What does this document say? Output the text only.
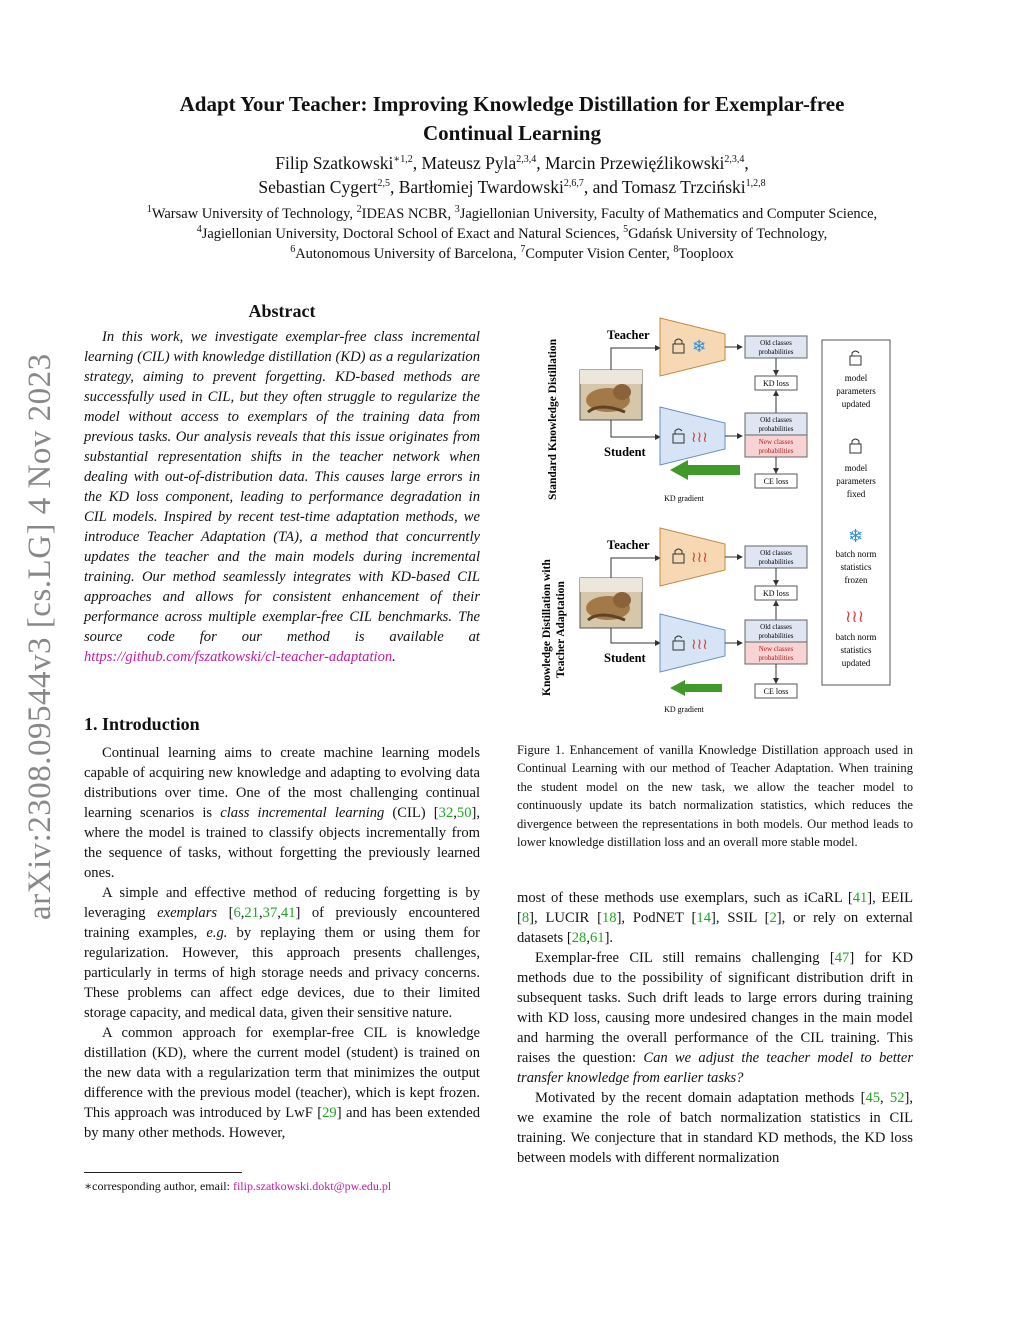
arXiv:2308.09544v3 [cs.LG] 4 Nov 2023
Adapt Your Teacher: Improving Knowledge Distillation for Exemplar-free
Continual Learning
Filip Szatkowski$^{∗1,2}$, Mateusz Pyla$^{2,3,4}$, Marcin Przewięźlikowski$^{2,3,4}$,
Sebastian Cygert$^{2,5}$, Bartłomiej Twardowski$^{2,6,7}$, and Tomasz Trzciński$^{1,2,8}$
$^1$Warsaw University of Technology, $^2$IDEAS NCBR, $^3$Jagiellonian University, Faculty of Mathematics and Computer Science,
$^4$Jagiellonian University, Doctoral School of Exact and Natural Sciences, $^5$Gdańsk University of Technology,
$^6$Autonomous University of Barcelona, $^7$Computer Vision Center, $^8$Tooploox
Abstract

In this work, we investigate exemplar-free class incremental learning (CIL) with knowledge distillation (KD) as a regularization strategy, aiming to prevent forgetting. KD-based methods are successfully used in CIL, but they often struggle to regularize the model without access to exemplars of the training data from previous tasks. Our analysis reveals that this issue originates from substantial representation shifts in the teacher network when dealing with out-of-distribution data. This causes large errors in the KD loss component, leading to performance degradation in CIL models. Inspired by recent test-time adaptation methods, we introduce Teacher Adaptation (TA), a method that concurrently updates the teacher and the main models during incremental training. Our method seamlessly integrates with KD-based CIL approaches and allows for consistent enhancement of their performance across multiple exemplar-free CIL benchmarks. The source code for our method is available at https://github.com/fszatkowski/cl-teacher-adaptation.

1. Introduction

Continual learning aims to create machine learning models capable of acquiring new knowledge and adapting to evolving data distributions over time. One of the most challenging continual learning scenarios is class incremental learning (CIL) [32,50], where the model is trained to classify objects incrementally from the sequence of tasks, without forgetting the previously learned ones.

A simple and effective method of reducing forgetting is by leveraging exemplars [6,21,37,41] of previously encountered training examples, e.g. by replaying them or using them for regularization. However, this approach presents challenges, particularly in terms of high storage needs and privacy concerns. These problems can affect edge devices, due to their limited storage capacity, and medical data, given their sensitive nature.

A common approach for exemplar-free CIL is knowledge distillation (KD), where the current model (student) is trained on the new data with a regularization term that minimizes the output difference with the previous model (teacher), which is kept frozen. This approach was introduced by LwF [29] and has been extended by many other methods. However,

∗corresponding author, email: filip.szatkowski.dokt@pw.edu.pl
Standard Knowledge Distillation
Teacher
Student
❄
≀≀≀
Old classes
probabilities
KD loss
Old classes
probabilities
New classes
probabilities
CE loss
KD gradient
Knowledge Distillation with Teacher Adaptation
Teacher
Student
≀≀≀
≀≀≀
Old classes
probabilities
KD loss
Old classes
probabilities
New classes
probabilities
CE loss
KD gradient
model
parameters
updated
model
parameters
fixed
❄
batch norm
statistics
frozen
≀≀≀
batch norm
statistics
updated
Figure 1. Enhancement of vanilla Knowledge Distillation approach used in Continual Learning with our method of Teacher Adaptation. When training the student model on the new task, we allow the teacher model to continuously update its batch normalization statistics, which reduces the divergence between the representations in both models. Our method leads to lower knowledge distillation loss and an overall more stable model.

most of these methods use exemplars, such as iCaRL [41], EEIL [8], LUCIR [18], PodNET [14], SSIL [2], or rely on external datasets [28,61].

Exemplar-free CIL still remains challenging [47] for KD methods due to the possibility of significant distribution drift in subsequent tasks. Such drift leads to large errors during training with KD loss, causing more undesired changes in the main model and harming the overall performance of the CIL training. This raises the question: Can we adjust the teacher model to better transfer knowledge from earlier tasks?

Motivated by the recent domain adaptation methods [45, 52], we examine the role of batch normalization statistics in CIL training. We conjecture that in standard KD methods, the KD loss between models with different normalization
